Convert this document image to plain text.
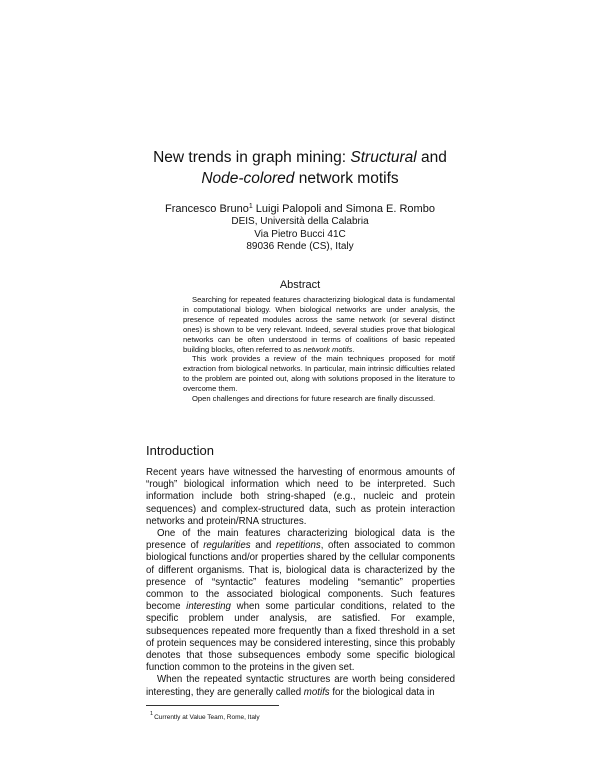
New trends in graph mining: Structural and
Node-colored network motifs
Francesco Bruno$^1$ Luigi Palopoli and Simona E. Rombo
DEIS, Università della Calabria
Via Pietro Bucci 41C
89036 Rende (CS), Italy
Abstract

Searching for repeated features characterizing biological data is fundamental in computational biology. When biological networks are under analysis, the presence of repeated modules across the same network (or several distinct ones) is shown to be very relevant. Indeed, several studies prove that biological networks can be often understood in terms of coalitions of basic repeated building blocks, often referred to as network motifs.

This work provides a review of the main techniques proposed for motif extraction from biological networks. In particular, main intrinsic difficulties related to the problem are pointed out, along with solutions proposed in the literature to overcome them.

Open challenges and directions for future research are finally discussed.

Introduction

Recent years have witnessed the harvesting of enormous amounts of “rough” biological information which need to be interpreted. Such information include both string-shaped (e.g., nucleic and protein sequences) and complex-structured data, such as protein interaction networks and protein/RNA structures.

One of the main features characterizing biological data is the presence of regularities and repetitions, often associated to common biological functions and/or properties shared by the cellular components of different organisms. That is, biological data is characterized by the presence of “syntactic” features modeling “semantic” properties common to the associated biological components. Such features become interesting when some particular conditions, related to the specific problem under analysis, are satisfied. For example, subsequences repeated more frequently than a fixed threshold in a set of protein sequences may be considered interesting, since this probably denotes that those subsequences embody some specific biological function common to the proteins in the given set.

When the repeated syntactic structures are worth being considered interesting, they are generally called motifs for the biological data in

$^1$Currently at Value Team, Rome, Italy
